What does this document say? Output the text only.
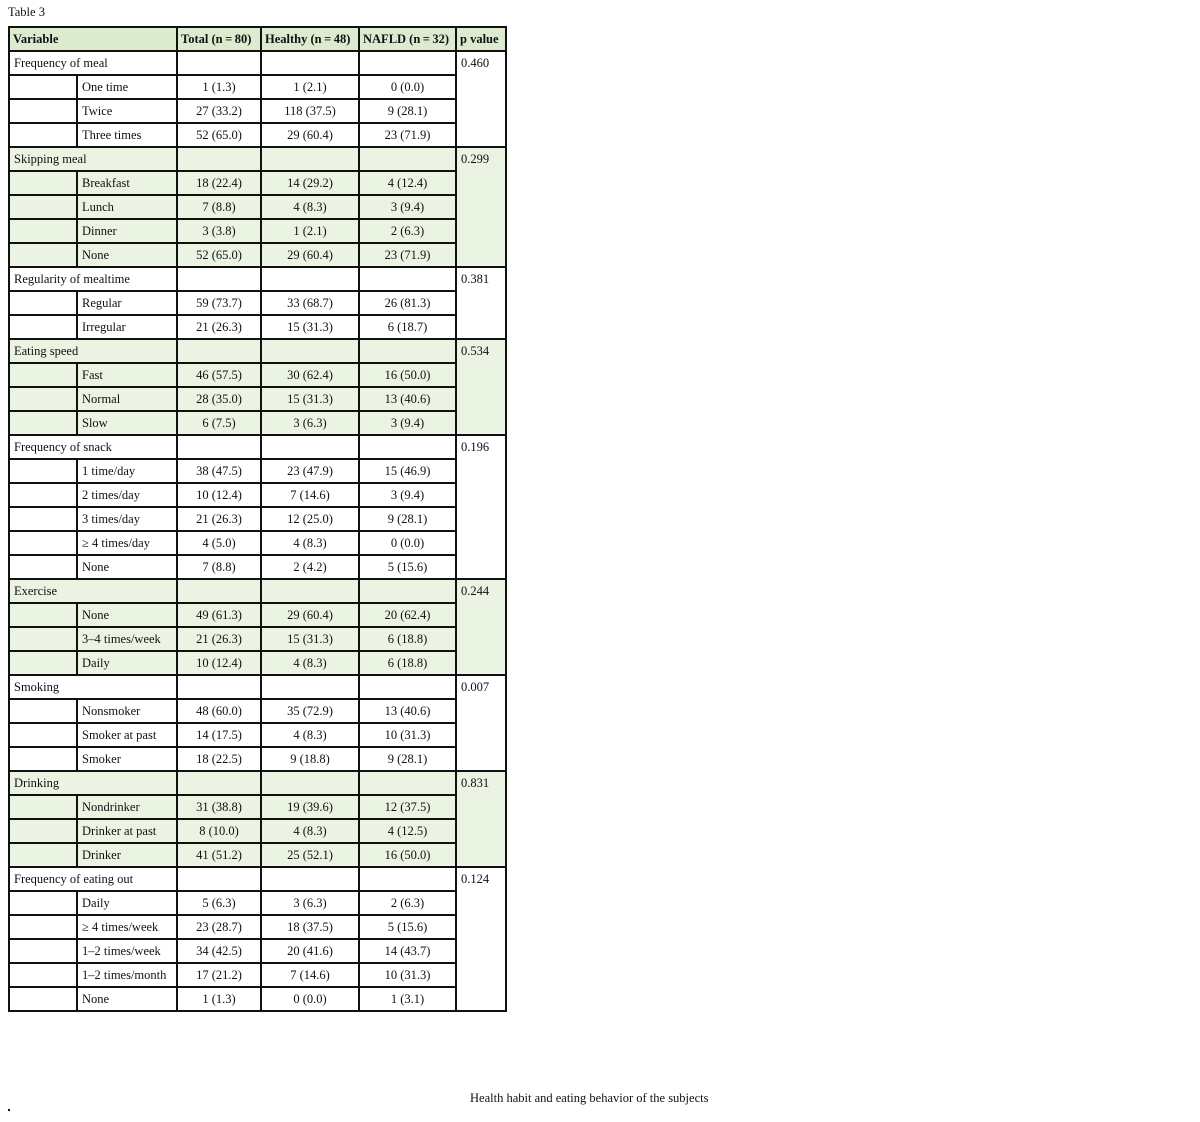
Table 3
Variable		Total (n = 80)	Healthy (n = 48)	NAFLD (n = 32)	p value
Frequency of meal					0.460
	One time	1 (1.3)	1 (2.1)	0 (0.0)	
	Twice	27 (33.2)	118 (37.5)	9 (28.1)	
	Three times	52 (65.0)	29 (60.4)	23 (71.9)	
Skipping meal					0.299
	Breakfast	18 (22.4)	14 (29.2)	4 (12.4)	
	Lunch	7 (8.8)	4 (8.3)	3 (9.4)	
	Dinner	3 (3.8)	1 (2.1)	2 (6.3)	
	None	52 (65.0)	29 (60.4)	23 (71.9)	
Regularity of mealtime					0.381
	Regular	59 (73.7)	33 (68.7)	26 (81.3)	
	Irregular	21 (26.3)	15 (31.3)	6 (18.7)	
Eating speed					0.534
	Fast	46 (57.5)	30 (62.4)	16 (50.0)	
	Normal	28 (35.0)	15 (31.3)	13 (40.6)	
	Slow	6 (7.5)	3 (6.3)	3 (9.4)	
Frequency of snack					0.196
	1 time/day	38 (47.5)	23 (47.9)	15 (46.9)	
	2 times/day	10 (12.4)	7 (14.6)	3 (9.4)	
	3 times/day	21 (26.3)	12 (25.0)	9 (28.1)	
	≥ 4 times/day	4 (5.0)	4 (8.3)	0 (0.0)	
	None	7 (8.8)	2 (4.2)	5 (15.6)	
Exercise					0.244
	None	49 (61.3)	29 (60.4)	20 (62.4)	
	3–4 times/week	21 (26.3)	15 (31.3)	6 (18.8)	
	Daily	10 (12.4)	4 (8.3)	6 (18.8)	
Smoking					0.007
	Nonsmoker	48 (60.0)	35 (72.9)	13 (40.6)	
	Smoker at past	14 (17.5)	4 (8.3)	10 (31.3)	
	Smoker	18 (22.5)	9 (18.8)	9 (28.1)	
Drinking					0.831
	Nondrinker	31 (38.8)	19 (39.6)	12 (37.5)	
	Drinker at past	8 (10.0)	4 (8.3)	4 (12.5)	
	Drinker	41 (51.2)	25 (52.1)	16 (50.0)	
Frequency of eating out					0.124
	Daily	5 (6.3)	3 (6.3)	2 (6.3)	
	≥ 4 times/week	23 (28.7)	18 (37.5)	5 (15.6)	
	1–2 times/week	34 (42.5)	20 (41.6)	14 (43.7)	
	1–2 times/month	17 (21.2)	7 (14.6)	10 (31.3)	
	None	1 (1.3)	0 (0.0)	1 (3.1)	
Health habit and eating behavior of the subjects
